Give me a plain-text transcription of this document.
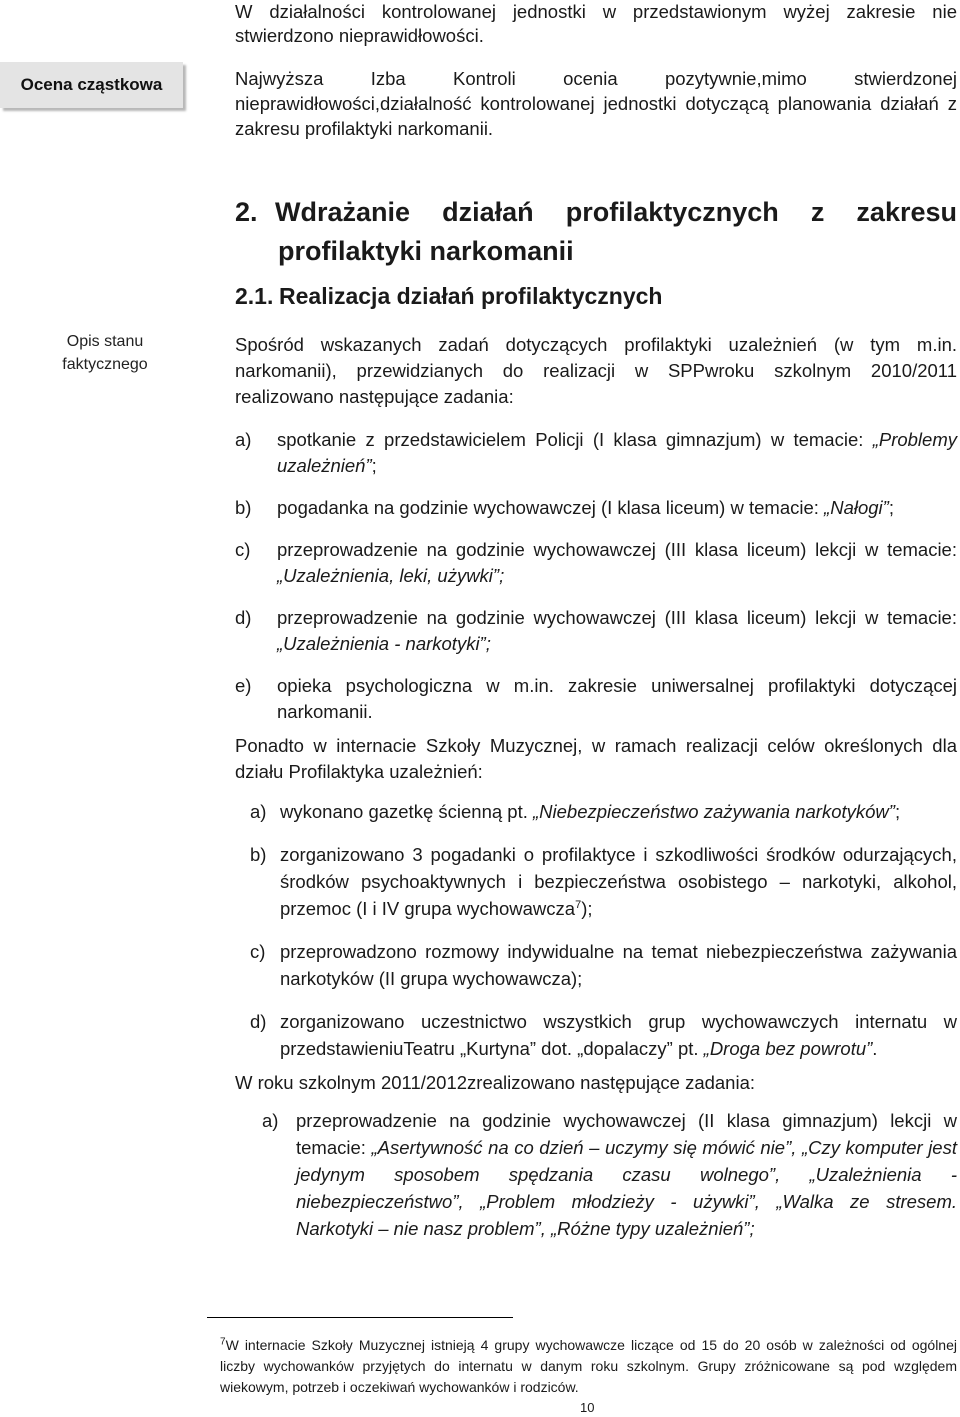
W działalności kontrolowanej jednostki w przedstawionym wyżej zakresie nie
stwierdzono nieprawidłowości.
Ocena cząstkowa	Najwyższa Izba Kontroli ocenia pozytywnie,mimo stwierdzonej nieprawidłowości,działalność kontrolowanej jednostki dotyczącą planowania działań z zakresu profilaktyki narkomanii.
2. Wdrażanie działań profilaktycznych z zakresu
profilaktyki narkomanii
2.1. Realizacja działań profilaktycznych
Opis stanu
faktycznego
Spośród wskazanych zadań dotyczących profilaktyki uzależnień (w tym m.in. narkomanii), przewidzianych do realizacji w SPPwroku szkolnym 2010/2011 realizowano następujące zadania:
a) spotkanie z przedstawicielem Policji (I klasa gimnazjum) w temacie: „Problemy uzależnień”;
b) pogadanka na godzinie wychowawczej (I klasa liceum) w temacie: „Nałogi”;
c) przeprowadzenie na godzinie wychowawczej (III klasa liceum) lekcji w temacie: „Uzależnienia, leki, używki”;
d) przeprowadzenie na godzinie wychowawczej (III klasa liceum) lekcji w temacie: „Uzależnienia - narkotyki”;
e) opieka psychologiczna w m.in. zakresie uniwersalnej profilaktyki dotyczącej narkomanii.
Ponadto w internacie Szkoły Muzycznej, w ramach realizacji celów określonych dla działu Profilaktyka uzależnień:
a) wykonano gazetkę ścienną pt. „Niebezpieczeństwo zażywania narkotyków”;
b) zorganizowano 3 pogadanki o profilaktyce i szkodliwości środków odurzających, środków psychoaktywnych i bezpieczeństwa osobistego – narkotyki, alkohol, przemoc (I i IV grupa wychowawcza$^7$);
c) przeprowadzono rozmowy indywidualne na temat niebezpieczeństwa zażywania narkotyków (II grupa wychowawcza);
d) zorganizowano uczestnictwo wszystkich grup wychowawczych internatu w przedstawieniuTeatru „Kurtyna” dot. „dopalaczy” pt. „Droga bez powrotu”.
W roku szkolnym 2011/2012zrealizowano następujące zadania:
a) przeprowadzenie na godzinie wychowawczej (II klasa gimnazjum) lekcji w temacie: „Asertywność na co dzień – uczymy się mówić nie”, „Czy komputer jest jedynym sposobem spędzania czasu wolnego”, „Uzależnienia - niebezpieczeństwo”, „Problem młodzieży - używki”, „Walka ze stresem. Narkotyki – nie nasz problem”, „Różne typy uzależnień”;
$^7$W internacie Szkoły Muzycznej istnieją 4 grupy wychowawcze liczące od 15 do 20 osób w zależności od ogólnej liczby wychowanków przyjętych do internatu w danym roku szkolnym. Grupy zróżnicowane są pod względem wiekowym, potrzeb i oczekiwań wychowanków i rodziców.
10
